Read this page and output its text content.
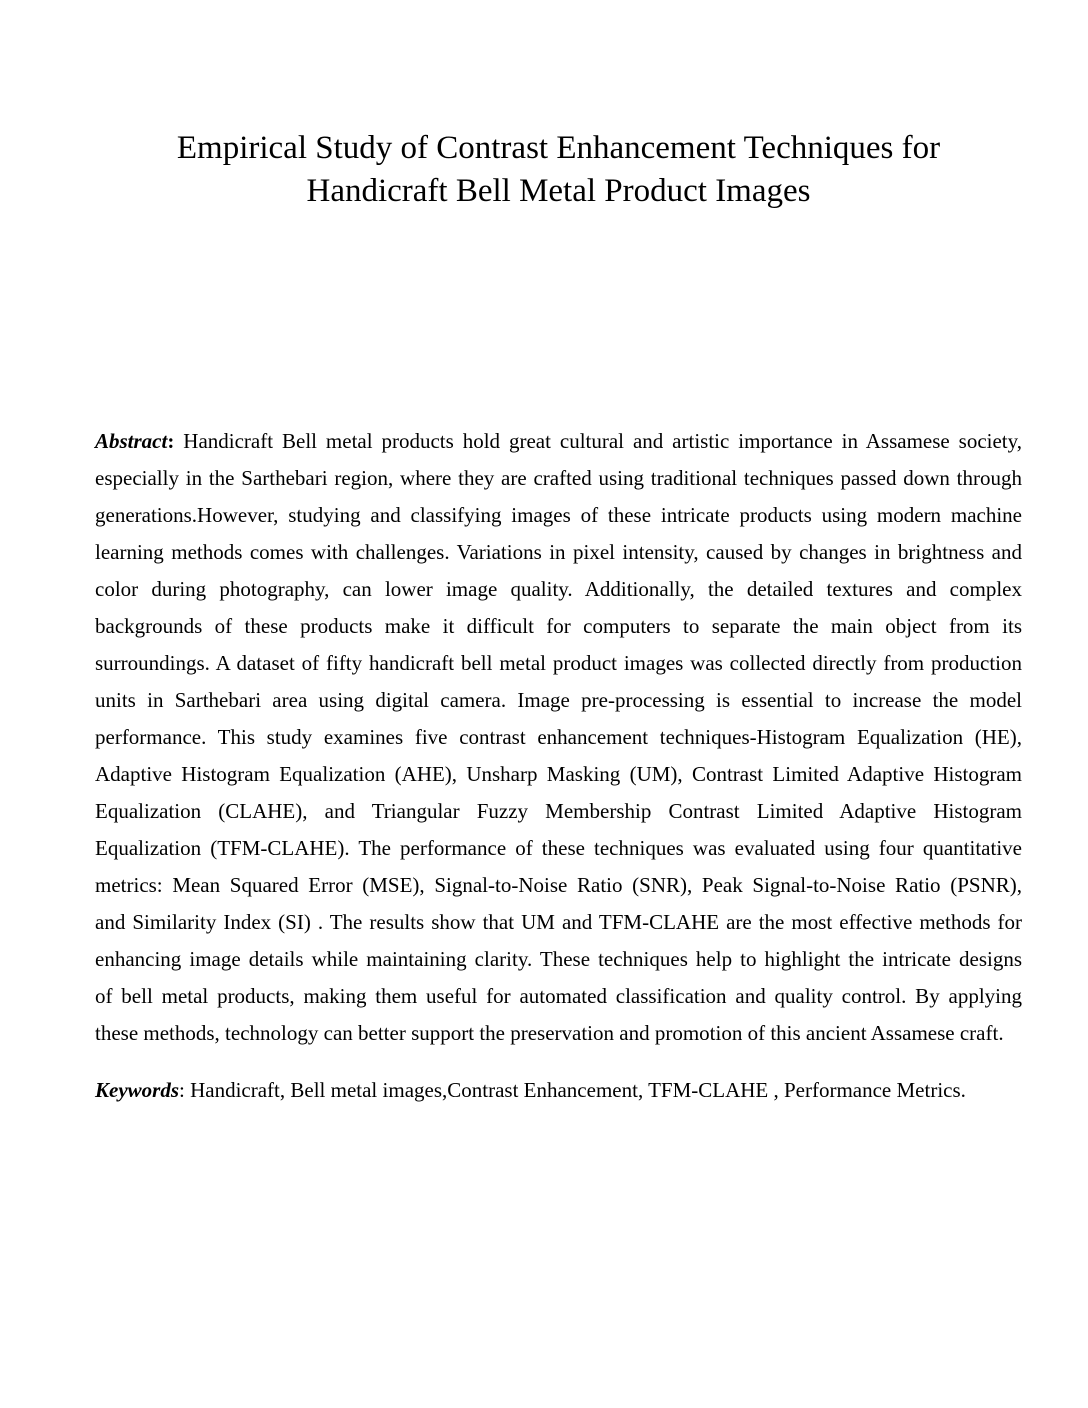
Empirical Study of Contrast Enhancement Techniques for
Handicraft Bell Metal Product Images
Abstract: Handicraft Bell metal products hold great cultural and artistic importance in Assamese society,
especially in the Sarthebari region, where they are crafted using traditional techniques passed down through
generations.However, studying and classifying images of these intricate products using modern machine
learning methods comes with challenges. Variations in pixel intensity, caused by changes in brightness and
color during photography, can lower image quality. Additionally, the detailed textures and complex
backgrounds of these products make it difficult for computers to separate the main object from its
surroundings. A dataset of fifty handicraft bell metal product images was collected directly from production
units in Sarthebari area using digital camera. Image pre-processing is essential to increase the model
performance. This study examines five contrast enhancement techniques-Histogram Equalization (HE),
Adaptive Histogram Equalization (AHE), Unsharp Masking (UM), Contrast Limited Adaptive Histogram
Equalization (CLAHE), and Triangular Fuzzy Membership Contrast Limited Adaptive Histogram
Equalization (TFM-CLAHE). The performance of these techniques was evaluated using four quantitative
metrics: Mean Squared Error (MSE), Signal-to-Noise Ratio (SNR), Peak Signal-to-Noise Ratio (PSNR),
and Similarity Index (SI) . The results show that UM and TFM-CLAHE are the most effective methods for
enhancing image details while maintaining clarity. These techniques help to highlight the intricate designs
of bell metal products, making them useful for automated classification and quality control. By applying
these methods, technology can better support the preservation and promotion of this ancient Assamese craft.
Keywords: Handicraft, Bell metal images,Contrast Enhancement, TFM-CLAHE , Performance Metrics.
